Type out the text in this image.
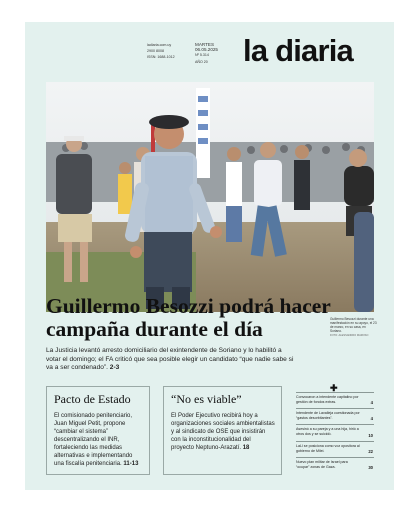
ladiaria.com.uy
2900 8008
ISSN: 1688-1012
MARTES
06.05.2025
Nº 5.314
AÑO 20	la diaria
Guillermo Besozzi durante una manifestación en su apoyo, el 23 de marzo, en su casa, en Soriano.
FOTO: ALESSANDRO MAROSO
Guillermo Besozzi podrá hacer campaña durante el día
La Justicia levantó arresto domiciliario del exintendente de Soriano y lo habilitó a votar el domingo; el FA criticó que sea posible elegir un candidato “que nadie sabe si va a ser condenado”. 2-3
Pacto de Estado

El comisionado penitenciario, Juan Miguel Petit, propone “cambiar el sistema” descentralizando el INR, fortaleciendo las medidas alternativas e implementando una fiscalía penitenciaria. 11-13

“No es viable”

El Poder Ejecutivo recibirá hoy a organizaciones sociales ambientalistas y al sindicato de OSE que insistirán con la inconstitucionalidad del proyecto Neptuno-Arazatí. 18

✚
Convocaron a intendente capitalino por gestión de fondos extras.	4
Intendente de Lavalleja cuestionada por “gastos desorbitantes”.	4
Asesinó a su pareja y a una hija, hirió a otros dos y se suicidó.	10
LaLl se posiciona como voz opositora al gobierno de Milei.	22
Nuevo plan militar de Israel para “ocupar” zonas de Gaza.	30
